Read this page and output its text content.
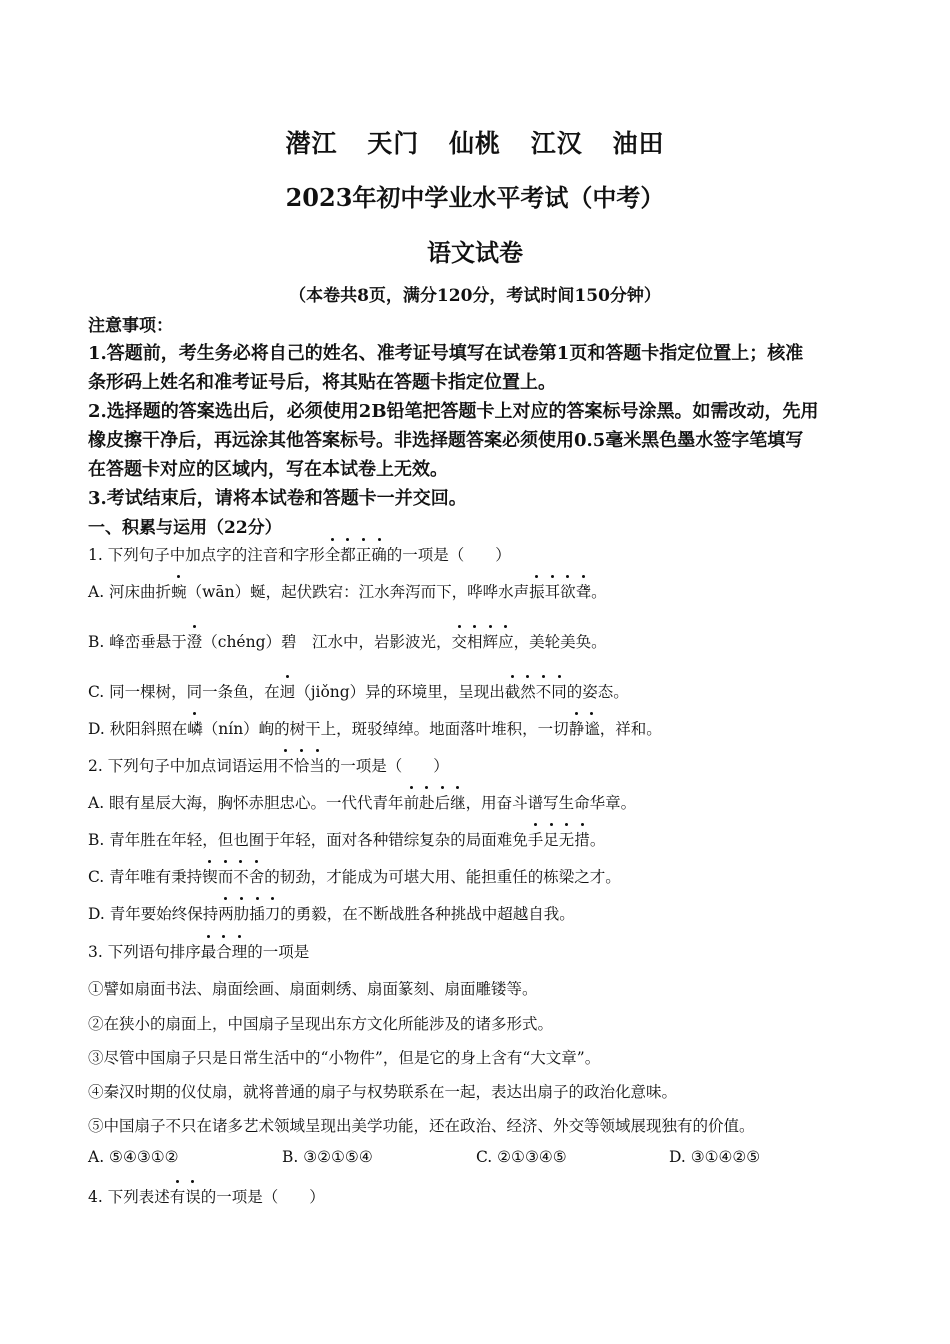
潜江 天门 仙桃 江汉 油田
2023年初中学业水平考试（中考）
语文试卷
（本卷共8页，满分120分，考试时间150分钟）
注意事项：
1.答题前，考生务必将自己的姓名、准考证号填写在试卷第1页和答题卡指定位置上；核准
条形码上姓名和准考证号后，将其贴在答题卡指定位置上。
2.选择题的答案选出后，必须使用2B铅笔把答题卡上对应的答案标号涂黑。如需改动，先用
橡皮擦干净后，再远涂其他答案标号。非选择题答案必须使用0.5毫米黑色墨水签字笔填写
在答题卡对应的区域内，写在本试卷上无效。
3.考试结束后，请将本试卷和答题卡一并交回。
一、积累与运用（22分）
1. 下列句子中加点字的注音和字形全都正确的一项是（　　）
A. 河床曲折蜿（wān）蜒，起伏跌宕：江水奔泻而下，哗哗水声振耳欲聋。
B. 峰峦垂悬于澄（chéng）碧　江水中，岩影波光，交相辉应，美轮美奂。
C. 同一棵树，同一条鱼，在迥（jiǒng）异的环境里，呈现出截然不同的姿态。
D. 秋阳斜照在嶙（nín）峋的树干上，斑驳绰绰。地面落叶堆积，一切静谧，祥和。
2. 下列句子中加点词语运用不恰当的一项是（　　）
A. 眼有星辰大海，胸怀赤胆忠心。一代代青年前赴后继，用奋斗谱写生命华章。
B. 青年胜在年轻，但也囿于年轻，面对各种错综复杂的局面难免手足无措。
C. 青年唯有秉持锲而不舍的韧劲，才能成为可堪大用、能担重任的栋梁之才。
D. 青年要始终保持两肋插刀的勇毅，在不断战胜各种挑战中超越自我。
3. 下列语句排序最合理的一项是
①譬如扇面书法、扇面绘画、扇面刺绣、扇面篆刻、扇面雕镂等。
②在狭小的扇面上，中国扇子呈现出东方文化所能涉及的诸多形式。
③尽管中国扇子只是日常生活中的“小物件”，但是它的身上含有“大文章”。
④秦汉时期的仪仗扇，就将普通的扇子与权势联系在一起，表达出扇子的政治化意味。
⑤中国扇子不只在诸多艺术领域呈现出美学功能，还在政治、经济、外交等领域展现独有的价值。
A. ⑤④③①②	B. ③②①⑤④	C. ②①③④⑤	D. ③①④②⑤
4. 下列表述有误的一项是（　　）
